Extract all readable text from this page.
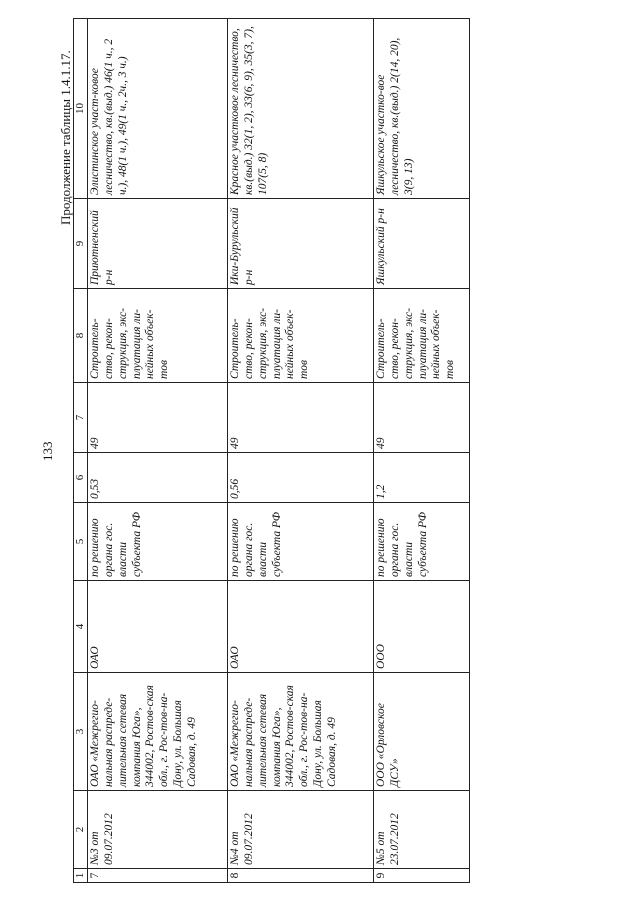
133
Продолжение таблицы 1.4.1.17.
1	2	3	4	5	6	7	8	9	10
7	№3 от 09.07.2012	ОАО «Межрегио-нальная распреде-лительная сетевая компания Юга», 344002, Ростов-ская обл., г. Рос-тов-на-Дону, ул. Большая Садовая, д. 49	ОАО	по решению органа гос. власти субъекта РФ	0,53	49	Строитель-ство, рекон-струкция, экс-плуатация ли-нейных объек-тов	Приютненский р-н	Элистинское участ-ковое лесничество, кв.(выд.) 46(1 ч., 2 ч.), 48(1 ч.), 49(1 ч., 2ч., 3 ч.)
8	№4 от 09.07.2012	ОАО «Межрегио-нальная распреде-лительная сетевая компания Юга», 344002, Ростов-ская обл., г. Рос-тов-на-Дону, ул. Большая Садовая, д. 49	ОАО	по решению органа гос. власти субъекта РФ	0,56	49	Строитель-ство, рекон-струкция, экс-плуатация ли-нейных объек-тов	Ики-Бурульский р-н	Красное участковое лесничество, кв.(выд.) 32(1, 2), 33(6, 9), 35(3, 7), 107(5, 8)
9	№5 от 23.07.2012	ООО «Орловское ДСУ»	ООО	по решению органа гос. власти субъекта РФ	1,2	49	Строитель-ство, рекон-струкция, экс-плуатация ли-нейных объек-тов	Яшкульский р-н	Яшкульское участко-вое лесничество, кв.(выд.) 2(14, 20), 3(9, 13)
